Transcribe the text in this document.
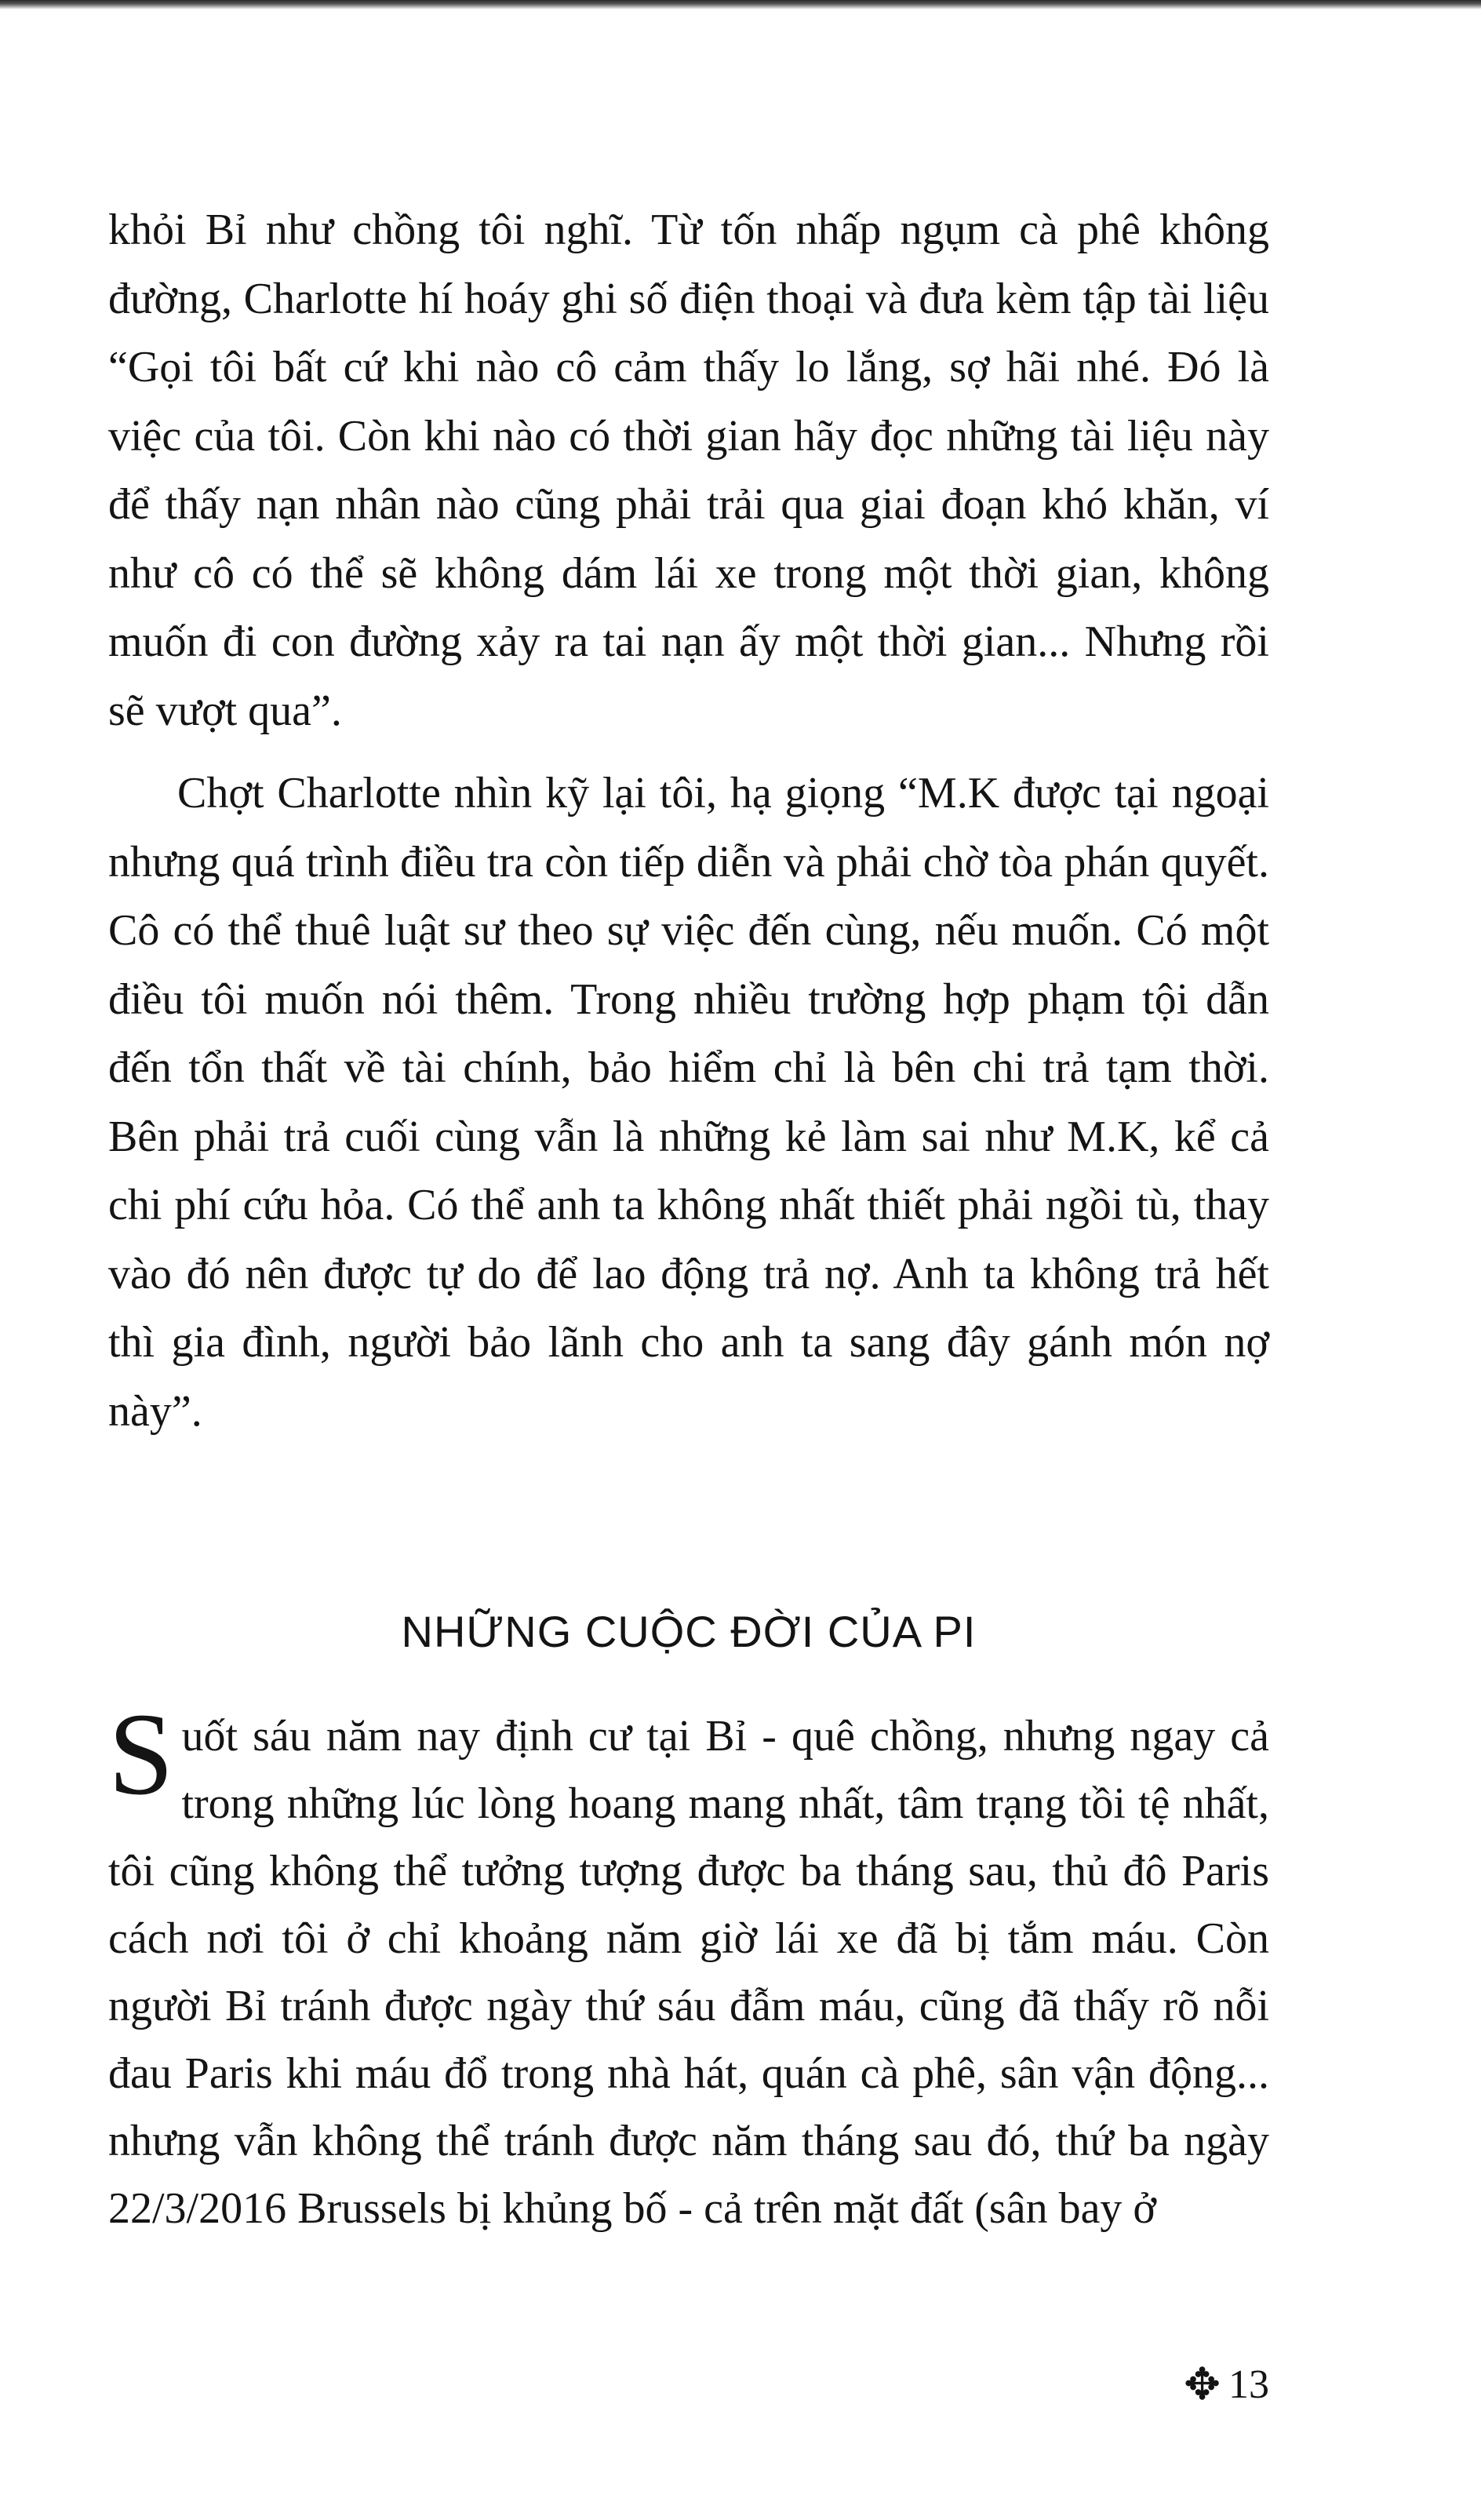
khỏi Bỉ như chồng tôi nghĩ. Từ tốn nhấp ngụm cà phê không đường, Charlotte hí hoáy ghi số điện thoại và đưa kèm tập tài liệu “Gọi tôi bất cứ khi nào cô cảm thấy lo lắng, sợ hãi nhé. Đó là việc của tôi. Còn khi nào có thời gian hãy đọc những tài liệu này để thấy nạn nhân nào cũng phải trải qua giai đoạn khó khăn, ví như cô có thể sẽ không dám lái xe trong một thời gian, không muốn đi con đường xảy ra tai nạn ấy một thời gian... Nhưng rồi sẽ vượt qua”.

Chợt Charlotte nhìn kỹ lại tôi, hạ giọng “M.K được tại ngoại nhưng quá trình điều tra còn tiếp diễn và phải chờ tòa phán quyết. Cô có thể thuê luật sư theo sự việc đến cùng, nếu muốn. Có một điều tôi muốn nói thêm. Trong nhiều trường hợp phạm tội dẫn đến tổn thất về tài chính, bảo hiểm chỉ là bên chi trả tạm thời. Bên phải trả cuối cùng vẫn là những kẻ làm sai như M.K, kể cả chi phí cứu hỏa. Có thể anh ta không nhất thiết phải ngồi tù, thay vào đó nên được tự do để lao động trả nợ. Anh ta không trả hết thì gia đình, người bảo lãnh cho anh ta sang đây gánh món nợ này”.

NHỮNG CUỘC ĐỜI CỦA PI

Suốt sáu năm nay định cư tại Bỉ - quê chồng, nhưng ngay cả trong những lúc lòng hoang mang nhất, tâm trạng tồi tệ nhất, tôi cũng không thể tưởng tượng được ba tháng sau, thủ đô Paris cách nơi tôi ở chỉ khoảng năm giờ lái xe đã bị tắm máu. Còn người Bỉ tránh được ngày thứ sáu đẫm máu, cũng đã thấy rõ nỗi đau Paris khi máu đổ trong nhà hát, quán cà phê, sân vận động... nhưng vẫn không thể tránh được năm tháng sau đó, thứ ba ngày 22/3/2016 Brussels bị khủng bố - cả trên mặt đất (sân bay ở

✥ 13
